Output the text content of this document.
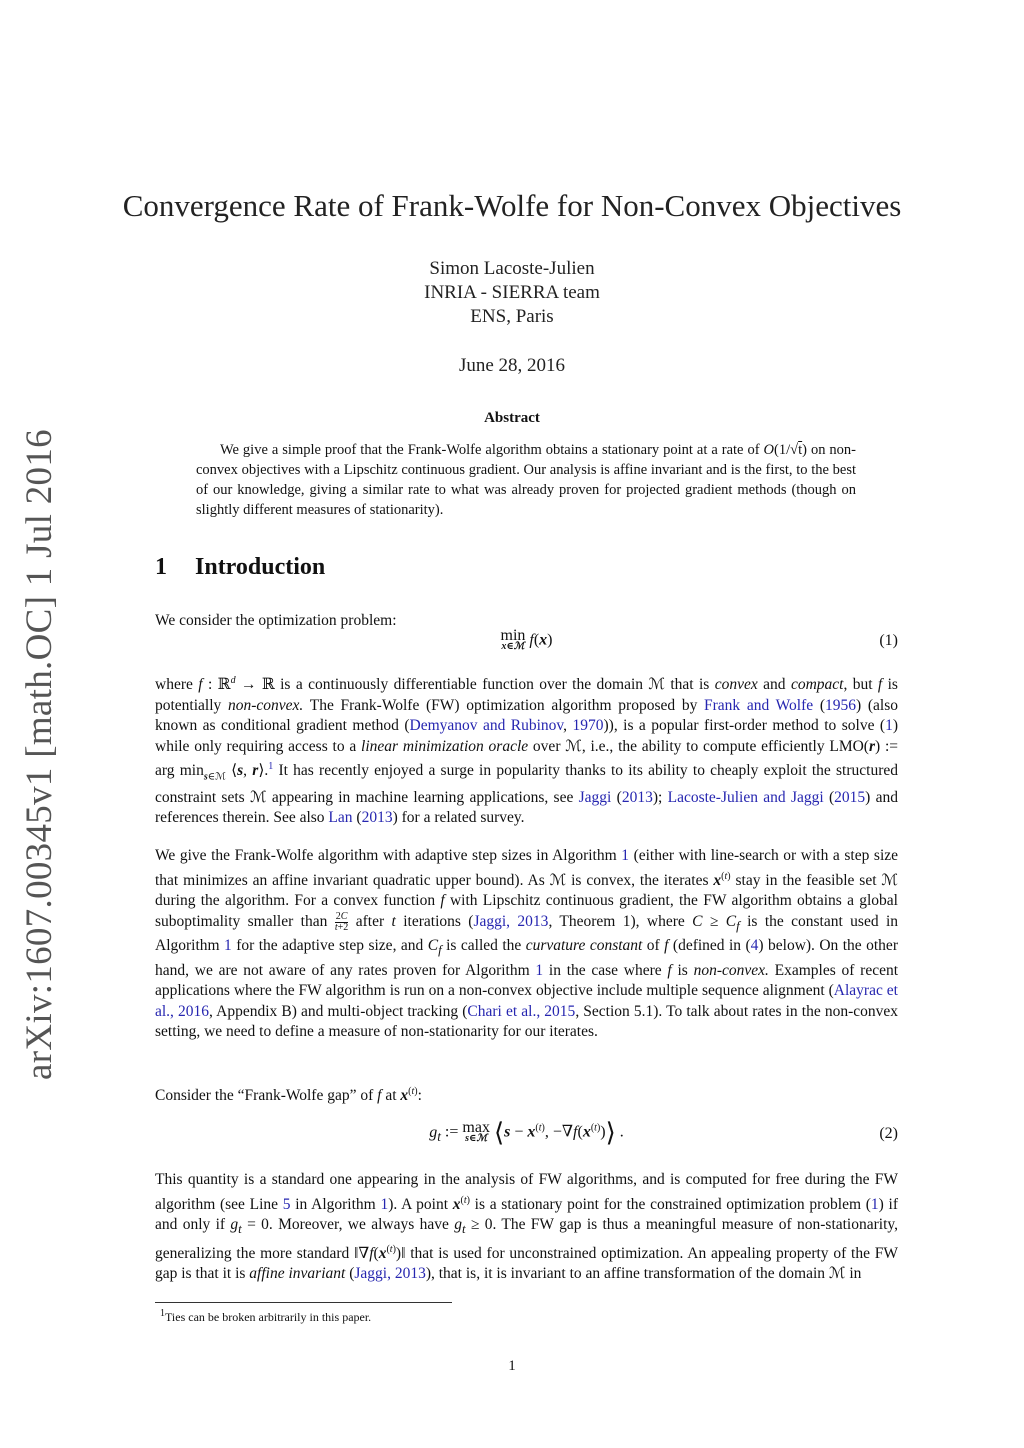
arXiv:1607.00345v1 [math.OC] 1 Jul 2016
Convergence Rate of Frank-Wolfe for Non-Convex Objectives
Simon Lacoste-Julien
INRIA - SIERRA team
ENS, Paris
June 28, 2016
Abstract
We give a simple proof that the Frank-Wolfe algorithm obtains a stationary point at a rate of O(1/√t) on non-convex objectives with a Lipschitz continuous gradient. Our analysis is affine invariant and is the first, to the best of our knowledge, giving a similar rate to what was already proven for projected gradient methods (though on slightly different measures of stationarity).
1 Introduction
We consider the optimization problem:
min
x∈ℳ f(x)	(1)
where f : ℝ$^d$ → ℝ is a continuously differentiable function over the domain ℳ that is convex and compact, but f is potentially non-convex. The Frank-Wolfe (FW) optimization algorithm proposed by Frank and Wolfe (1956) (also known as conditional gradient method (Demyanov and Rubinov, 1970)), is a popular first-order method to solve (1) while only requiring access to a linear minimization oracle over ℳ, i.e., the ability to compute efficiently LMO(r) := arg $\min_{s\in ℳ}$ ⟨s, r⟩.$^1$ It has recently enjoyed a surge in popularity thanks to its ability to cheaply exploit the structured constraint sets ℳ appearing in machine learning applications, see Jaggi (2013); Lacoste-Julien and Jaggi (2015) and references therein. See also Lan (2013) for a related survey.
We give the Frank-Wolfe algorithm with adaptive step sizes in Algorithm 1 (either with line-search or with a step size that minimizes an affine invariant quadratic upper bound). As ℳ is convex, the iterates $x^{(t)}$ stay in the feasible set ℳ during the algorithm. For a convex function f with Lipschitz continuous gradient, the FW algorithm obtains a global suboptimality smaller than $\frac{2C}{t+2}$ after t iterations (Jaggi, 2013, Theorem 1), where $C \ge C_f$ is the constant used in Algorithm 1 for the adaptive step size, and $C_f$ is called the curvature constant of f (defined in (4) below). On the other hand, we are not aware of any rates proven for Algorithm 1 in the case where f is non-convex. Examples of recent applications where the FW algorithm is run on a non-convex objective include multiple sequence alignment (Alayrac et al., 2016, Appendix B) and multi-object tracking (Chari et al., 2015, Section 5.1). To talk about rates in the non-convex setting, we need to define a measure of non-stationarity for our iterates.
Consider the “Frank-Wolfe gap” of f at $x^{(t)}$:
$g_t$ := max
s∈ℳ ⟨s − $x^{(t)}$, $-\nabla f(x^{(t)})⟩$ .	(2)
This quantity is a standard one appearing in the analysis of FW algorithms, and is computed for free during the FW algorithm (see Line 5 in Algorithm 1). A point $x^{(t)}$ is a stationary point for the constrained optimization problem (1) if and only if $g_t = 0$. Moreover, we always have $g_t \ge 0$. The FW gap is thus a meaningful measure of non-stationarity, generalizing the more standard $‖\nabla f(x^{(t)})‖$ that is used for unconstrained optimization. An appealing property of the FW gap is that it is affine invariant (Jaggi, 2013), that is, it is invariant to an affine transformation of the domain ℳ in
$^1$Ties can be broken arbitrarily in this paper.
1
